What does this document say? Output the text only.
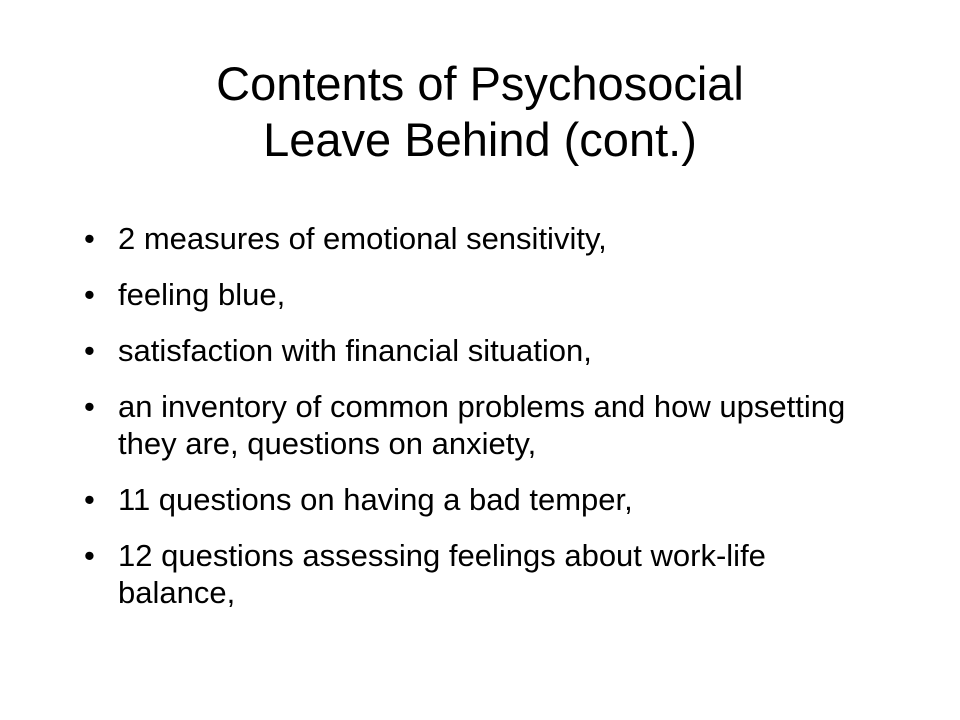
Contents of Psychosocial
Leave Behind (cont.)
• 2 measures of emotional sensitivity,
• feeling blue,
• satisfaction with financial situation,
• an inventory of common problems and how upsetting they are, questions on anxiety,
• 11 questions on having a bad temper,
• 12 questions assessing feelings about work-life balance,
